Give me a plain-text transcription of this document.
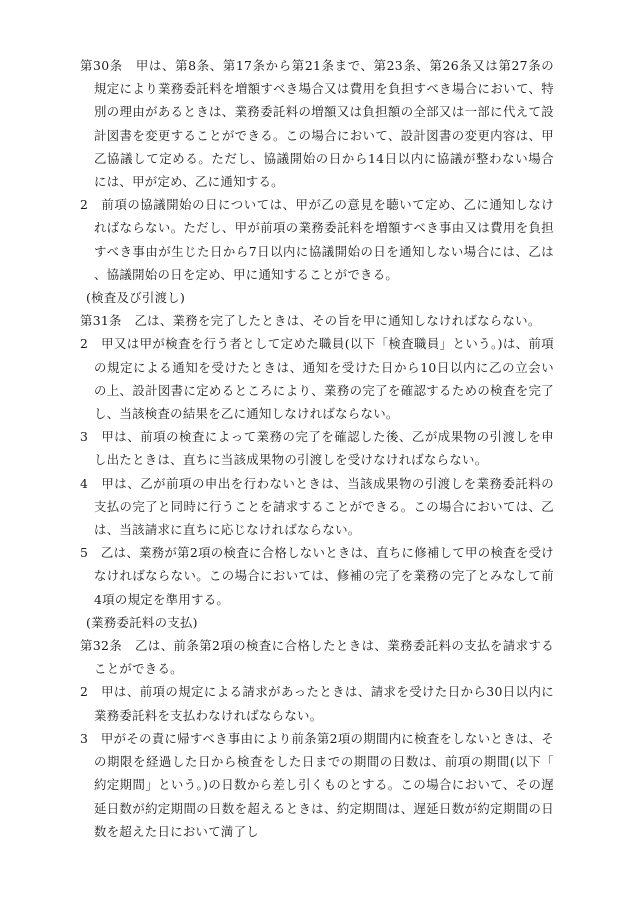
第30条　甲は、第8条、第17条から第21条まで、第23条、第26条又は第27条の規定により業務委託料を増額すべき場合又は費用を負担すべき場合において、特別の理由があるときは、業務委託料の増額又は負担額の全部又は一部に代えて設計図書を変更することができる。この場合において、設計図書の変更内容は、甲乙協議して定める。ただし、協議開始の日から14日以内に協議が整わない場合には、甲が定め、乙に通知する。

2　前項の協議開始の日については、甲が乙の意見を聴いて定め、乙に通知しなければならない。ただし、甲が前項の業務委託料を増額すべき事由又は費用を負担すべき事由が生じた日から7日以内に協議開始の日を通知しない場合には、乙は、協議開始の日を定め、甲に通知することができる。

(検査及び引渡し)

第31条　乙は、業務を完了したときは、その旨を甲に通知しなければならない。

2　甲又は甲が検査を行う者として定めた職員(以下「検査職員」という。)は、前項の規定による通知を受けたときは、通知を受けた日から10日以内に乙の立会いの上、設計図書に定めるところにより、業務の完了を確認するための検査を完了し、当該検査の結果を乙に通知しなければならない。

3　甲は、前項の検査によって業務の完了を確認した後、乙が成果物の引渡しを申し出たときは、直ちに当該成果物の引渡しを受けなければならない。

4　甲は、乙が前項の申出を行わないときは、当該成果物の引渡しを業務委託料の支払の完了と同時に行うことを請求することができる。この場合においては、乙は、当該請求に直ちに応じなければならない。

5　乙は、業務が第2項の検査に合格しないときは、直ちに修補して甲の検査を受けなければならない。この場合においては、修補の完了を業務の完了とみなして前4項の規定を準用する。

(業務委託料の支払)

第32条　乙は、前条第2項の検査に合格したときは、業務委託料の支払を請求することができる。

2　甲は、前項の規定による請求があったときは、請求を受けた日から30日以内に業務委託料を支払わなければならない。

3　甲がその責に帰すべき事由により前条第2項の期間内に検査をしないときは、その期限を経過した日から検査をした日までの期間の日数は、前項の期間(以下「約定期間」という。)の日数から差し引くものとする。この場合において、その遅延日数が約定期間の日数を超えるときは、約定期間は、遅延日数が約定期間の日数を超えた日において満了し
